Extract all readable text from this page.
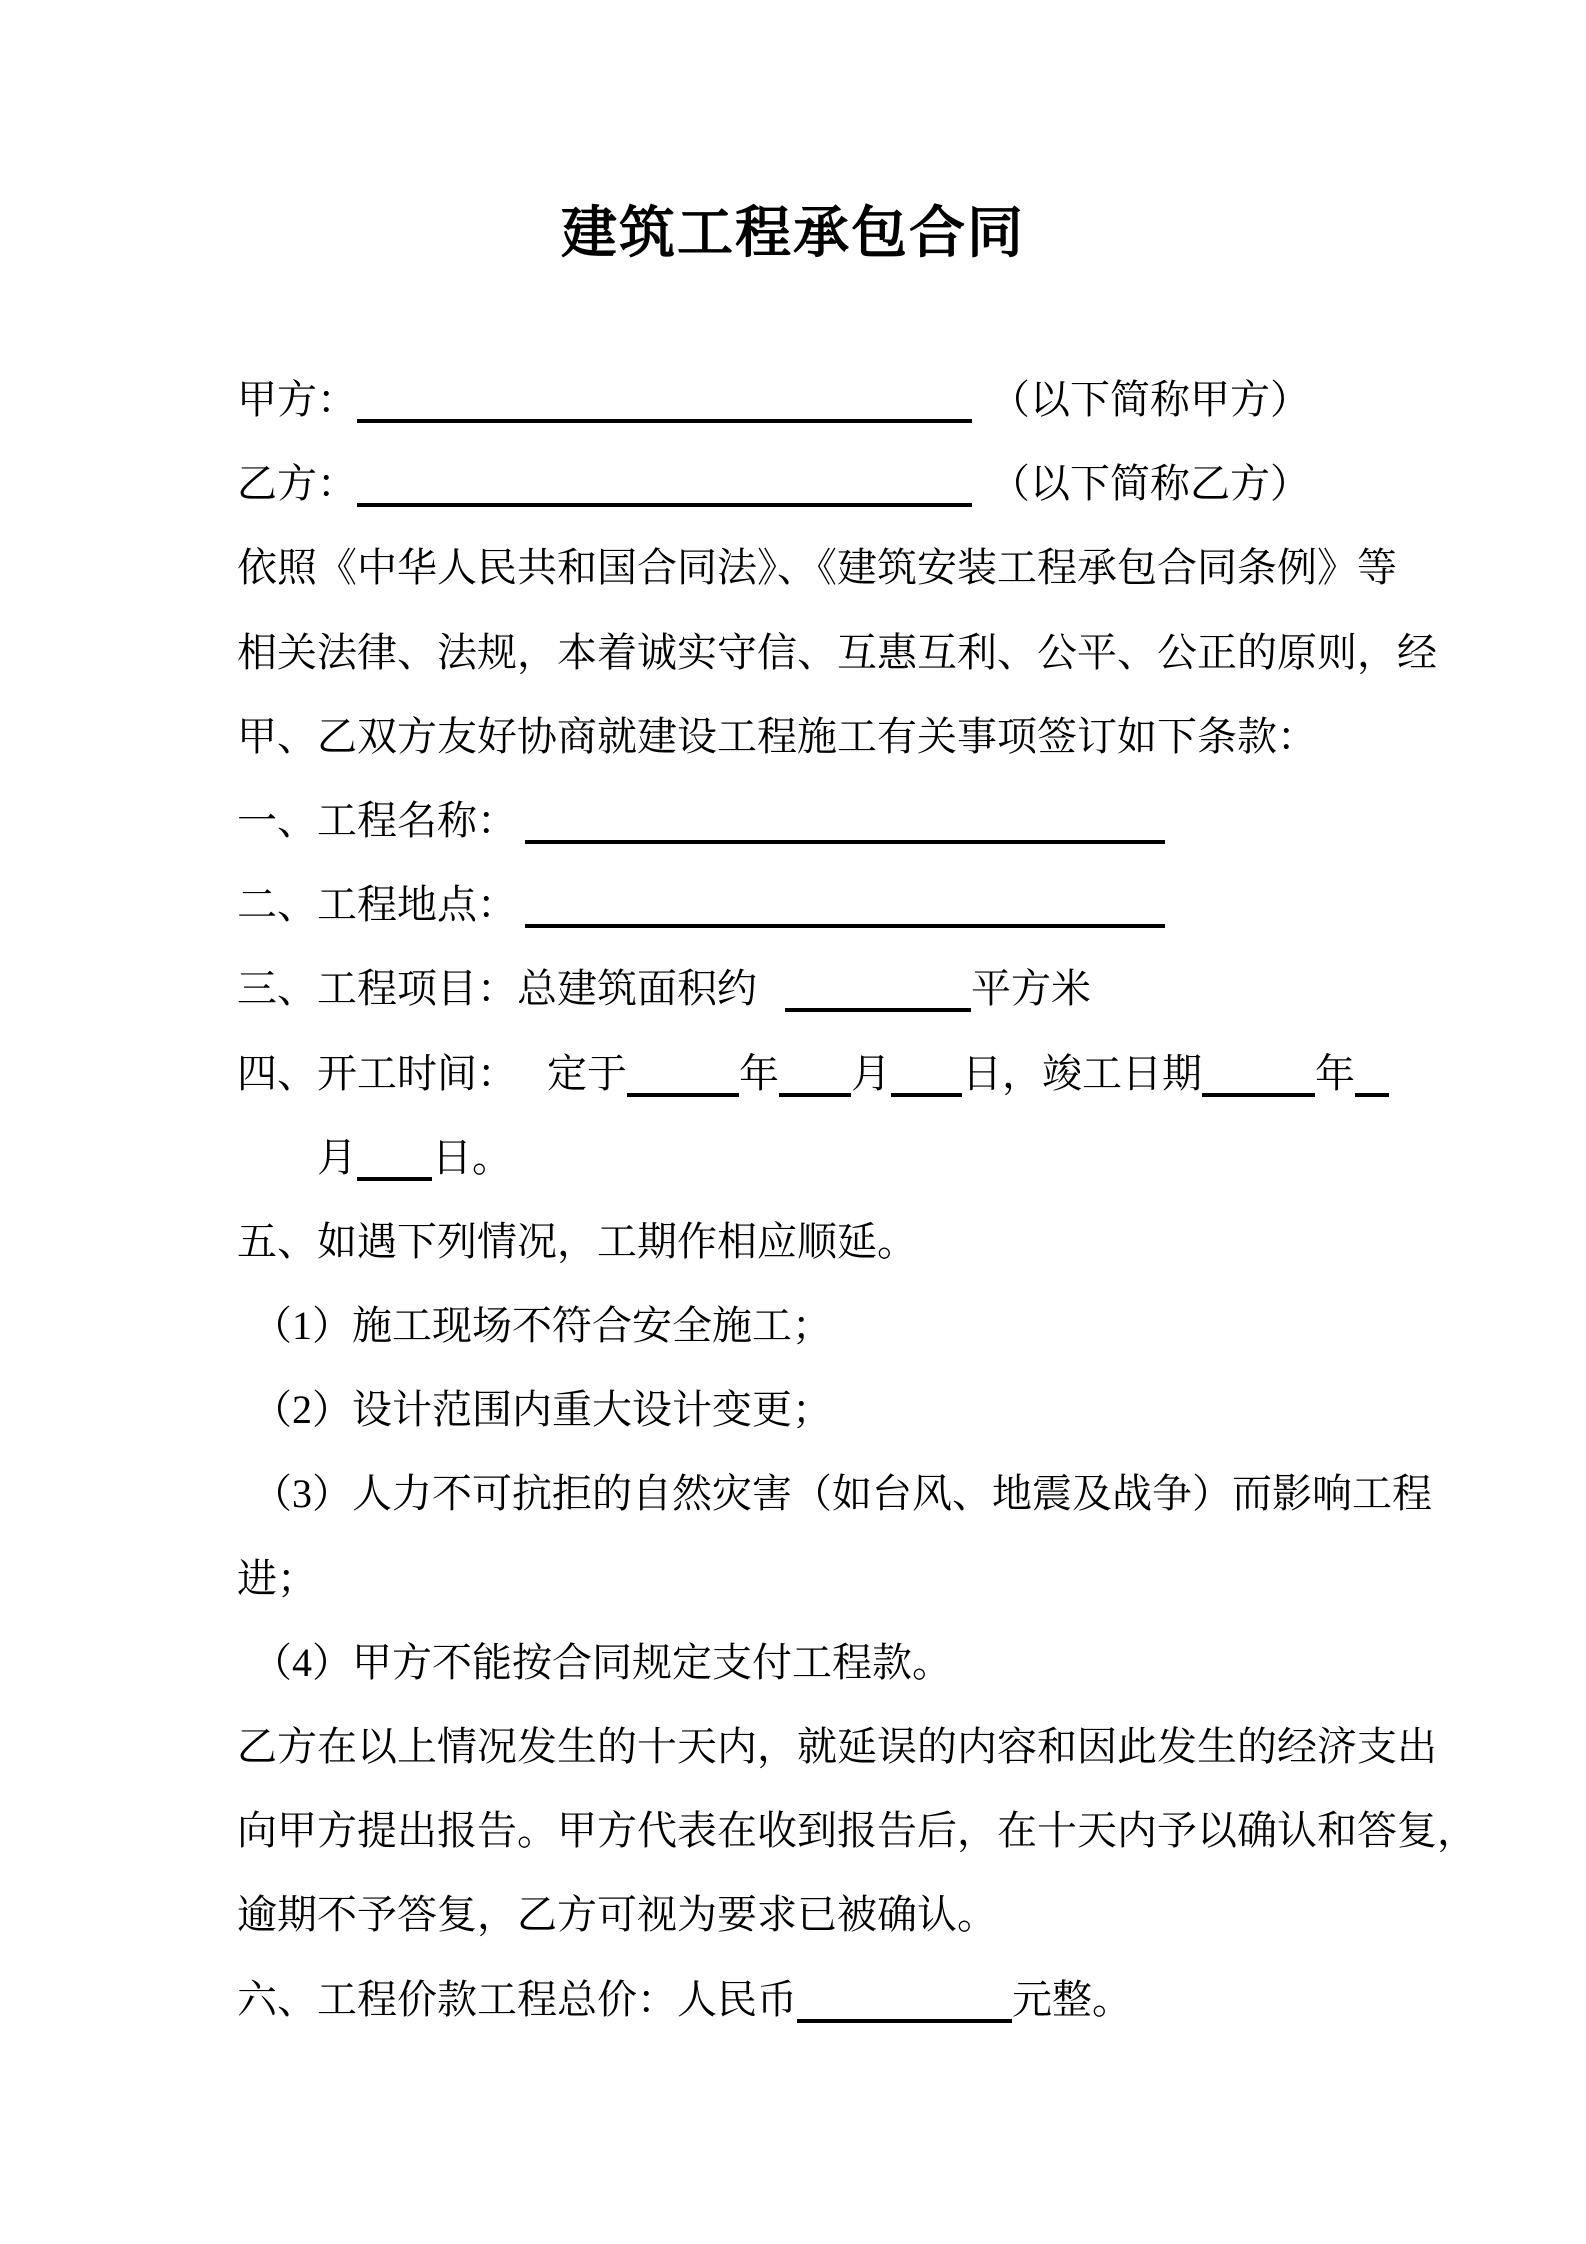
建筑工程承包合同
甲方：	（以下简称甲方）
乙方：	（以下简称乙方）
依照《中华人民共和国合同法》、《建筑安装工程承包合同条例》等
相关法律、法规，本着诚实守信、互惠互利、公平、公正的原则，经
甲、乙双方友好协商就建设工程施工有关事项签订如下条款：
一、工程名称：
二、工程地点：
三、工程项目：总建筑面积约	平方米
四、开工时间： 定于	年 月 日，竣工日期	年
月 日。
五、如遇下列情况，工期作相应顺延。
（1）施工现场不符合安全施工；
（2）设计范围内重大设计变更；
（3）人力不可抗拒的自然灾害（如台风、地震及战争）而影响工程
进；
（4）甲方不能按合同规定支付工程款。
乙方在以上情况发生的十天内，就延误的内容和因此发生的经济支出
向甲方提出报告。甲方代表在收到报告后，在十天内予以确认和答复，
逾期不予答复，乙方可视为要求已被确认。
六、工程价款工程总价：人民币	元整。
